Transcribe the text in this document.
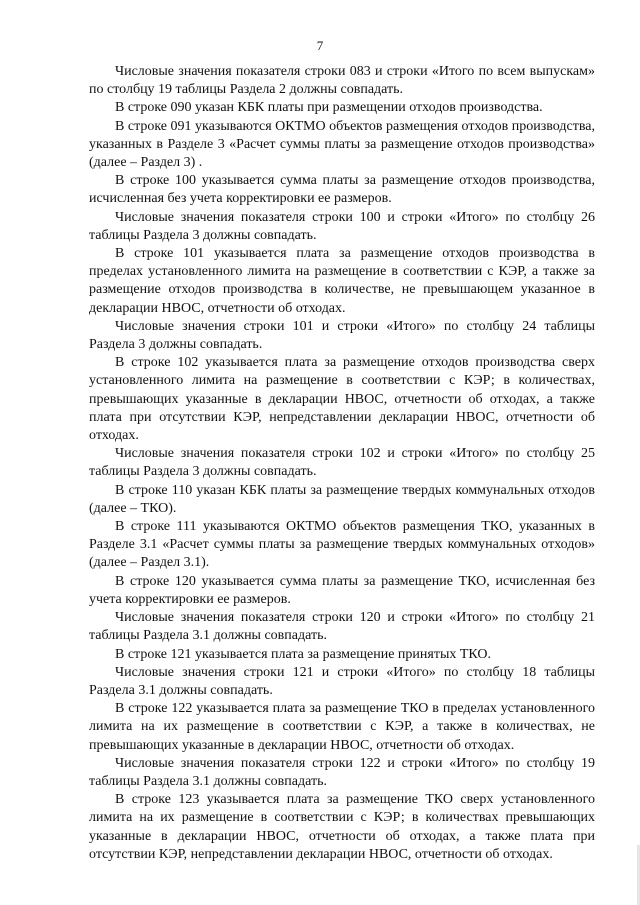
7

Числовые значения показателя строки 083 и строки «Итого по всем выпускам» по столбцу 19 таблицы Раздела 2 должны совпадать.

В строке 090 указан КБК платы при размещении отходов производства.

В строке 091 указываются ОКТМО объектов размещения отходов производства, указанных в Разделе 3 «Расчет суммы платы за размещение отходов производства» (далее – Раздел 3) .

В строке 100 указывается сумма платы за размещение отходов производства, исчисленная без учета корректировки ее размеров.

Числовые значения показателя строки 100 и строки «Итого» по столбцу 26 таблицы Раздела 3 должны совпадать.

В строке 101 указывается плата за размещение отходов производства в пределах установленного лимита на размещение в соответствии с КЭР, а также за размещение отходов производства в количестве, не превышающем указанное в декларации НВОС, отчетности об отходах.

Числовые значения строки 101 и строки «Итого» по столбцу 24 таблицы Раздела 3 должны совпадать.

В строке 102 указывается плата за размещение отходов производства сверх установленного лимита на размещение в соответствии с КЭР; в количествах, превышающих указанные в декларации НВОС, отчетности об отходах, а также плата при отсутствии КЭР, непредставлении декларации НВОС, отчетности об отходах.

Числовые значения показателя строки 102 и строки «Итого» по столбцу 25 таблицы Раздела 3 должны совпадать.

В строке 110 указан КБК платы за размещение твердых коммунальных отходов (далее – ТКО).

В строке 111 указываются ОКТМО объектов размещения ТКО, указанных в Разделе 3.1 «Расчет суммы платы за размещение твердых коммунальных отходов» (далее – Раздел 3.1).

В строке 120 указывается сумма платы за размещение ТКО, исчисленная без учета корректировки ее размеров.

Числовые значения показателя строки 120 и строки «Итого» по столбцу 21 таблицы Раздела 3.1 должны совпадать.

В строке 121 указывается плата за размещение принятых ТКО.

Числовые значения строки 121 и строки «Итого» по столбцу 18 таблицы Раздела 3.1 должны совпадать.

В строке 122 указывается плата за размещение ТКО в пределах установленного лимита на их размещение в соответствии с КЭР, а также в количествах, не превышающих указанные в декларации НВОС, отчетности об отходах.

Числовые значения показателя строки 122 и строки «Итого» по столбцу 19 таблицы Раздела 3.1 должны совпадать.

В строке 123 указывается плата за размещение ТКО сверх установленного лимита на их размещение в соответствии с КЭР; в количествах превышающих указанные в декларации НВОС, отчетности об отходах, а также плата при отсутствии КЭР, непредставлении декларации НВОС, отчетности об отходах.
